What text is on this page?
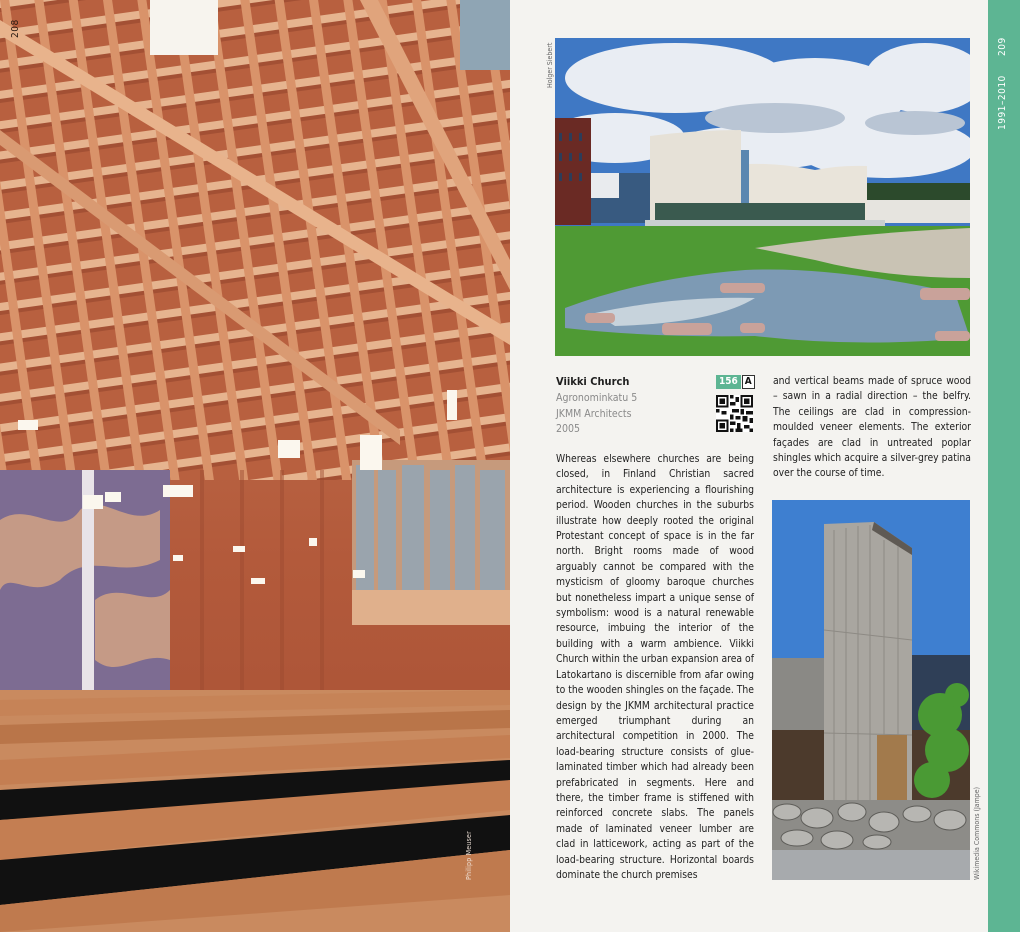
208
Philipp Meuser
Holger Siebert
Viikki Church
Agronominkatu 5
JKMM Architects
2005
156 A
Whereas elsewhere churches are being closed, in Finland Christian sacred architecture is experiencing a flourishing period. Wooden churches in the suburbs illustrate how deeply rooted the original Protestant concept of space is in the far north. Bright rooms made of wood arguably cannot be compared with the mysticism of gloomy baroque churches but nonetheless impart a unique sense of symbolism: wood is a natural renewable resource, imbuing the interior of the building with a warm ambience. Viikki Church within the urban expansion area of Latokartano is discernible from afar owing to the wooden shingles on the façade. The design by the JKMM architectural practice emerged triumphant during an architectural competition in 2000. The load-bearing structure consists of glue-laminated timber which had already been prefabricated in segments. Here and there, the timber frame is stiffened with reinforced concrete slabs. The panels made of laminated veneer lumber are clad in latticework, acting as part of the load-bearing structure. Horizontal boards dominate the church premises
and vertical beams made of spruce wood – sawn in a radial direction – the belfry. The ceilings are clad in compression-moulded veneer elements. The exterior façades are clad in untreated poplar shingles which acquire a silver-grey patina over the course of time.
Wikimedia Commons (Jampe)
209
1991–2010
